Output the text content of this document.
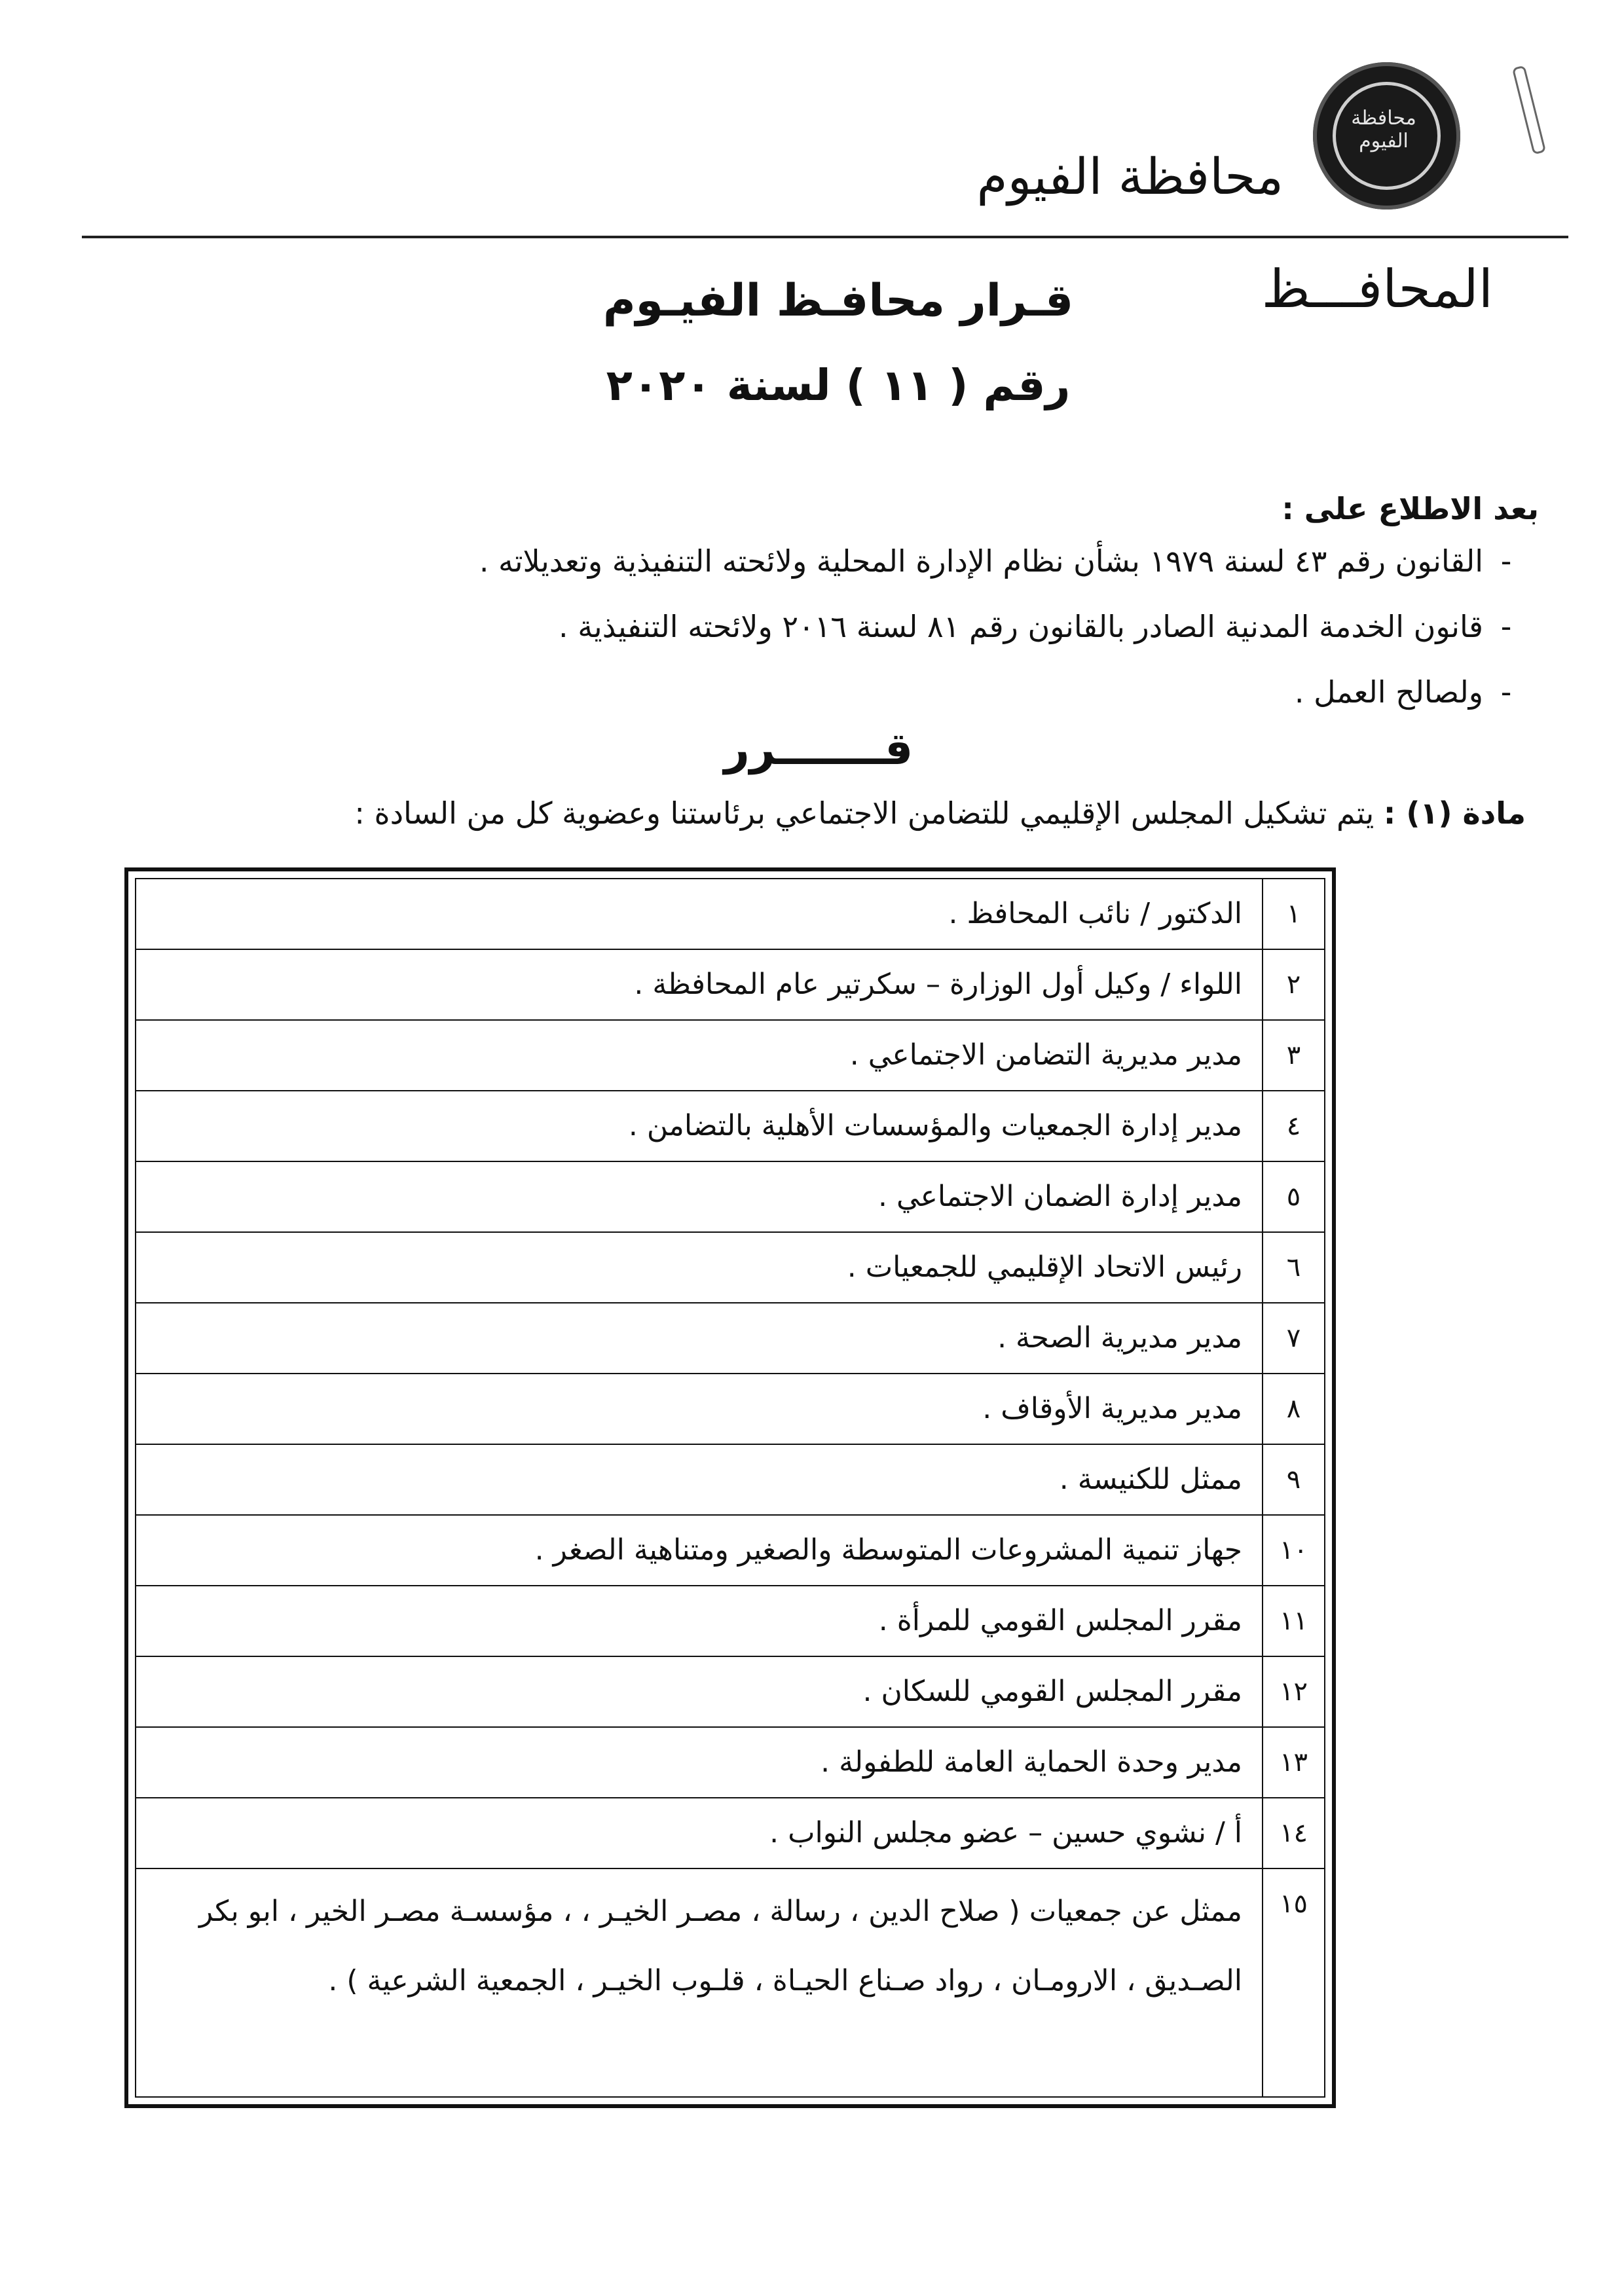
محافظة الفيوم
محافظة الفيوم
المحافـــظ
قـرار محافـظ الفيـوم
رقم ( ١١ ) لسنة ٢٠٢٠
بعد الاطلاع على :
-القانون رقم ٤٣ لسنة ١٩٧٩ بشأن نظام الإدارة المحلية ولائحته التنفيذية وتعديلاته .
-قانون الخدمة المدنية الصادر بالقانون رقم ٨١ لسنة ٢٠١٦ ولائحته التنفيذية .
-ولصالح العمل .
قـــــــرر
مادة (١) : يتم تشكيل المجلس الإقليمي للتضامن الاجتماعي برئاستنا وعضوية كل من السادة :
١
الدكتور / نائب المحافظ .
٢
اللواء / وكيل أول الوزارة – سكرتير عام المحافظة .
٣
مدير مديرية التضامن الاجتماعي .
٤
مدير إدارة الجمعيات والمؤسسات الأهلية بالتضامن .
٥
مدير إدارة الضمان الاجتماعي .
٦
رئيس الاتحاد الإقليمي للجمعيات .
٧
مدير مديرية الصحة .
٨
مدير مديرية الأوقاف .
٩
ممثل للكنيسة .
١٠
جهاز تنمية المشروعات المتوسطة والصغير ومتناهية الصغر .
١١
مقرر المجلس القومي للمرأة .
١٢
مقرر المجلس القومي للسكان .
١٣
مدير وحدة الحماية العامة للطفولة .
١٤
أ / نشوي حسين – عضو مجلس النواب .
١٥
ممثل عن جمعيات ( صلاح الدين ، رسالة ، مصـر الخيـر ، ، مؤسسـة مصـر الخير ، ابو بكر الصـديق ، الارومـان ، رواد صـناع الحيـاة ، قلـوب الخيـر ، الجمعية الشرعية ) .
